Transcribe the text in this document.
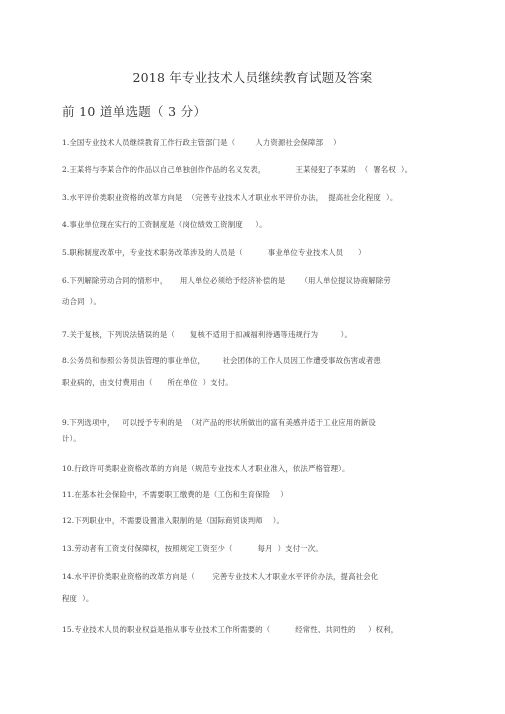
2018 年专业技术人员继续教育试题及答案
前 10 道单选题（ 3 分）
1.全国专业技术人员继续教育工作行政主管部门是（        人力资源社会保障部    ）
2.王某将与李某合作的作品以自己单独创作作品的名义发表，            王某侵犯了李某的  （  署名权  ）。
3.水平评价类职业资格的改革方向是  （完善专业技术人才职业水平评价办法，  提高社会化程度  ）。
4.事业单位现在实行的工资制度是（岗位绩效工资制度     ）。
5.职称制度改革中，专业技术职务改革涉及的人员是（          事业单位专业技术人员      ）
6.下列解除劳动合同的情形中，     用人单位必须给予经济补偿的是      （用人单位提议协商解除劳
动合同  ）。
7.关于复核，下列说法错误的是（      复核不适用于扣减福利待遇等违规行为         ）。
8.公务员和参照公务员法管理的事业单位，       社会团体的工作人员因工作遭受事故伤害或者患
职业病的，由支付费用由（      所在单位  ）支付。
9.下列选项中，   可以授予专利的是  （对产品的形状所做出的富有美感并适于工业应用的新设
计）。
10.行政许可类职业资格改革的方向是（规范专业技术人才职业准入，依法严格管理）。
11.在基本社会保险中，不需要职工缴费的是（工伤和生育保险    ）
12.下列职业中，不需要设置准入限制的是（国际商贸谈判师    ）。
13.劳动者有工资支付保障权，按照规定工资至少（          每月  ）支付一次。
14.水平评价类职业资格的改革方向是（       完善专业技术人才职业水平评价办法，提高社会化
程度  ）。
15.专业技术人员的职业权益是指从事专业技术工作所需要的（          经常性、共同性的     ）权利，
